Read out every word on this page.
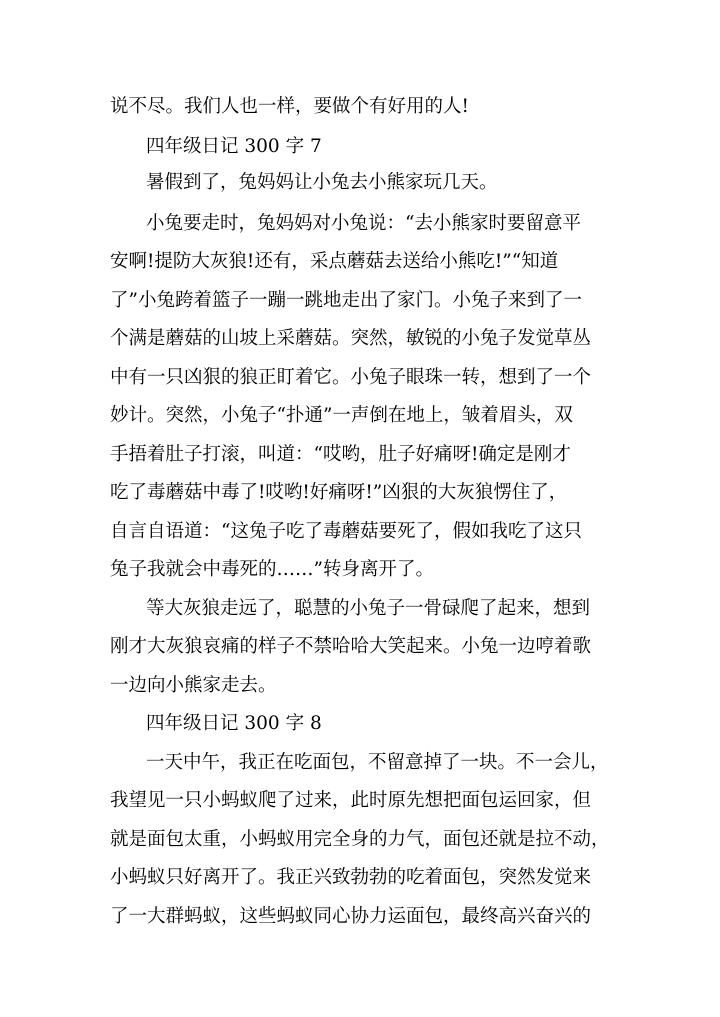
说不尽。我们人也一样，要做个有好用的人!
四年级日记 300 字 7
暑假到了，兔妈妈让小兔去小熊家玩几天。
小兔要走时，兔妈妈对小兔说：“去小熊家时要留意平
安啊!提防大灰狼!还有，采点蘑菇去送给小熊吃!”“知道
了”小兔跨着篮子一蹦一跳地走出了家门。小兔子来到了一
个满是蘑菇的山坡上采蘑菇。突然，敏锐的小兔子发觉草丛
中有一只凶狠的狼正盯着它。小兔子眼珠一转，想到了一个
妙计。突然，小兔子“扑通”一声倒在地上，皱着眉头，双
手捂着肚子打滚，叫道：“哎哟，肚子好痛呀!确定是刚才
吃了毒蘑菇中毒了!哎哟!好痛呀!”凶狠的大灰狼愣住了，
自言自语道：“这兔子吃了毒蘑菇要死了，假如我吃了这只
兔子我就会中毒死的……”转身离开了。
等大灰狼走远了，聪慧的小兔子一骨碌爬了起来，想到
刚才大灰狼哀痛的样子不禁哈哈大笑起来。小兔一边哼着歌
一边向小熊家走去。
四年级日记 300 字 8
一天中午，我正在吃面包，不留意掉了一块。不一会儿，
我望见一只小蚂蚁爬了过来，此时原先想把面包运回家，但
就是面包太重，小蚂蚁用完全身的力气，面包还就是拉不动，
小蚂蚁只好离开了。我正兴致勃勃的吃着面包，突然发觉来
了一大群蚂蚁，这些蚂蚁同心协力运面包，最终高兴奋兴的
